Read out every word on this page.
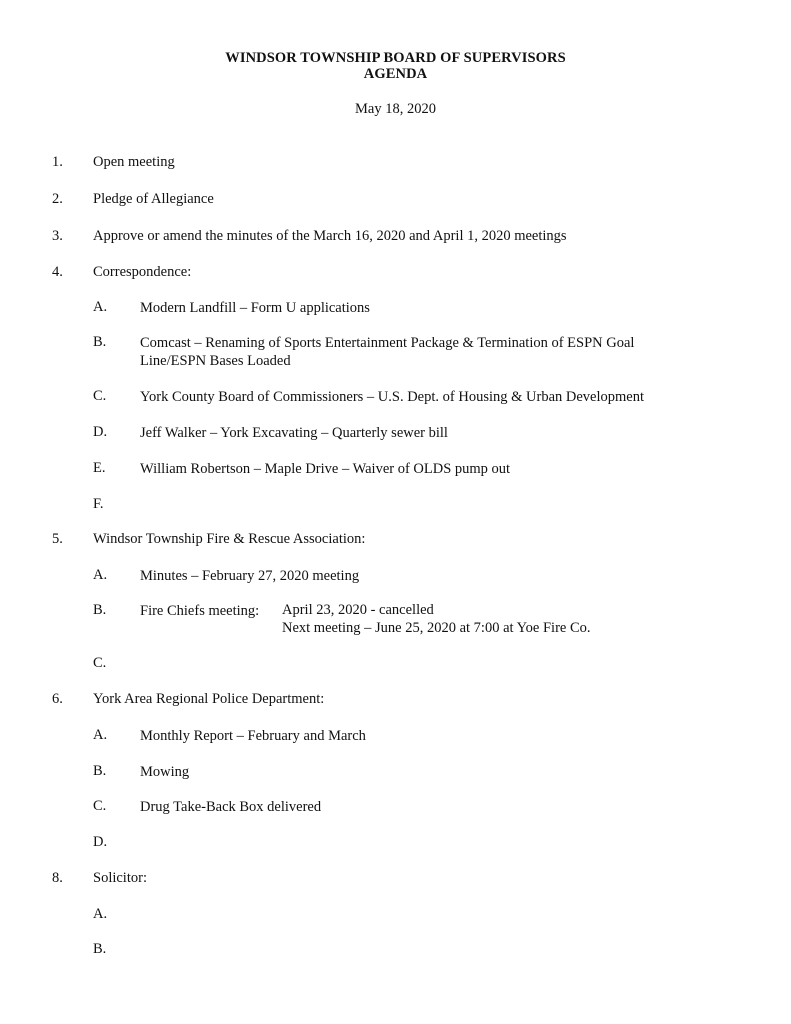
WINDSOR TOWNSHIP BOARD OF SUPERVISORS
AGENDA
May 18, 2020
1. Open meeting
2. Pledge of Allegiance
3. Approve or amend the minutes of the March 16, 2020 and April 1, 2020 meetings
4. Correspondence:
A. Modern Landfill – Form U applications
B. Comcast – Renaming of Sports Entertainment Package & Termination of ESPN Goal Line/ESPN Bases Loaded
C. York County Board of Commissioners – U.S. Dept. of Housing & Urban Development
D. Jeff Walker – York Excavating – Quarterly sewer bill
E. William Robertson – Maple Drive – Waiver of OLDS pump out
F.
5. Windsor Township Fire & Rescue Association:
A. Minutes – February 27, 2020 meeting
B. Fire Chiefs meeting:	April 23, 2020 - cancelled
Next meeting – June 25, 2020 at 7:00 at Yoe Fire Co.
C.
6. York Area Regional Police Department:
A. Monthly Report – February and March
B. Mowing
C. Drug Take-Back Box delivered
D.
8. Solicitor:
A.
B.
